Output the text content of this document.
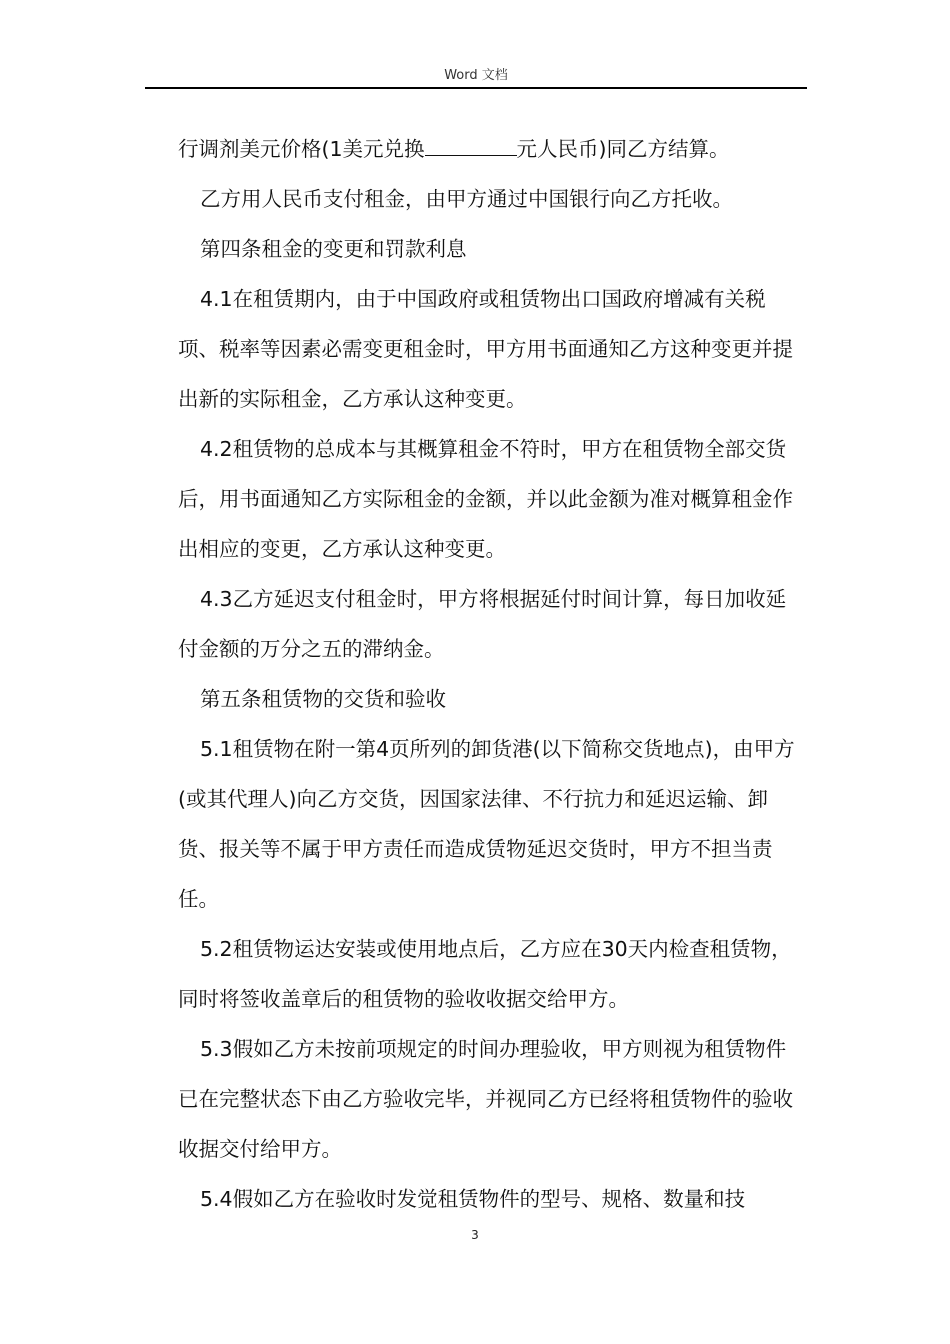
Word 文档

行调剂美元价格(1美元兑换	元人民币)同乙方结算。

乙方用人民币支付租金，由甲方通过中国银行向乙方托收。

第四条租金的变更和罚款利息

4.1在租赁期内，由于中国政府或租赁物出口国政府增减有关税项、税率等因素必需变更租金时，甲方用书面通知乙方这种变更并提出新的实际租金，乙方承认这种变更。

4.2租赁物的总成本与其概算租金不符时，甲方在租赁物全部交货后，用书面通知乙方实际租金的金额，并以此金额为准对概算租金作出相应的变更，乙方承认这种变更。

4.3乙方延迟支付租金时，甲方将根据延付时间计算，每日加收延付金额的万分之五的滞纳金。

第五条租赁物的交货和验收

5.1租赁物在附一第4页所列的卸货港(以下简称交货地点)，由甲方(或其代理人)向乙方交货，因国家法律、不行抗力和延迟运输、卸货、报关等不属于甲方责任而造成赁物延迟交货时，甲方不担当责任。

5.2租赁物运达安装或使用地点后，乙方应在30天内检查租赁物，同时将签收盖章后的租赁物的验收收据交给甲方。

5.3假如乙方未按前项规定的时间办理验收，甲方则视为租赁物件已在完整状态下由乙方验收完毕，并视同乙方已经将租赁物件的验收收据交付给甲方。

5.4假如乙方在验收时发觉租赁物件的型号、规格、数量和技

3
